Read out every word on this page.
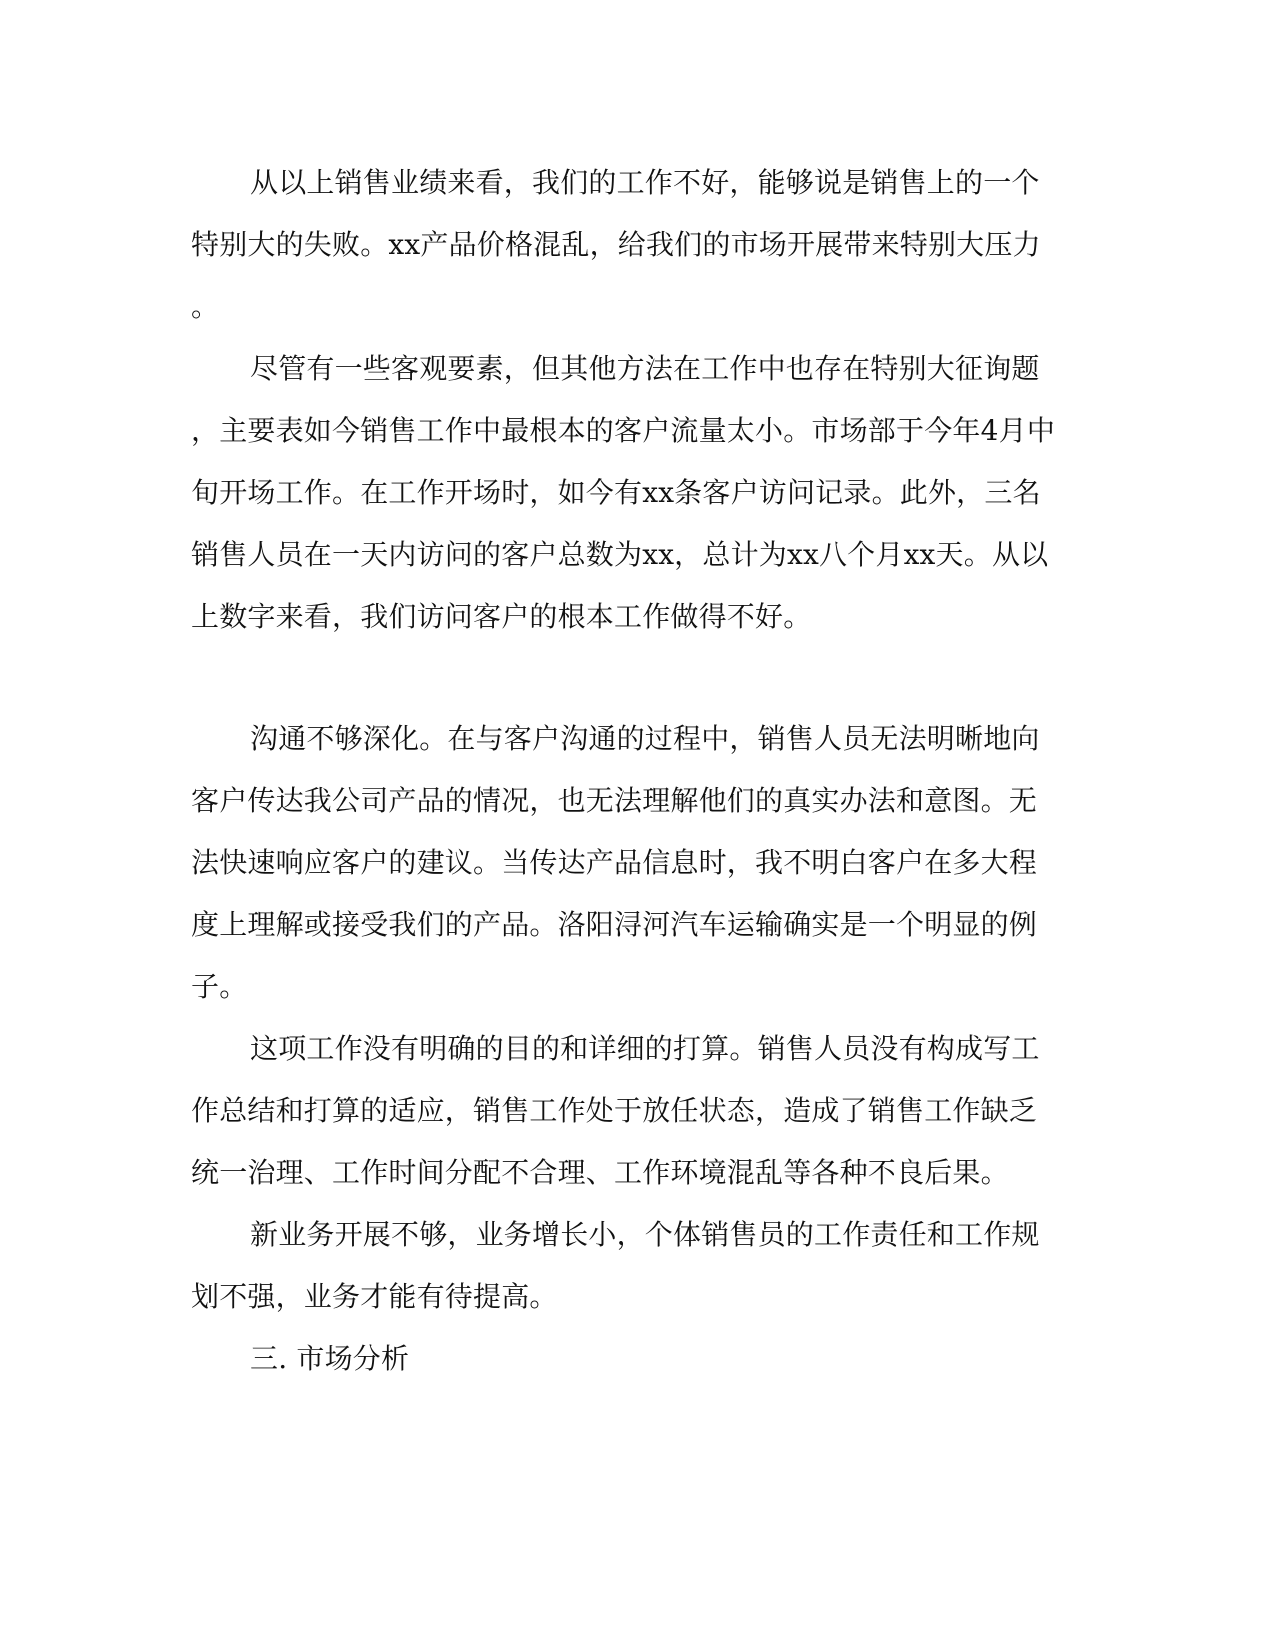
从以上销售业绩来看，我们的工作不好，能够说是销售上的一个
特别大的失败。xx产品价格混乱，给我们的市场开展带来特别大压力
。
尽管有一些客观要素，但其他方法在工作中也存在特别大征询题
，主要表如今销售工作中最根本的客户流量太小。市场部于今年4月中
旬开场工作。在工作开场时，如今有xx条客户访问记录。此外，三名
销售人员在一天内访问的客户总数为xx，总计为xx八个月xx天。从以
上数字来看，我们访问客户的根本工作做得不好。
沟通不够深化。在与客户沟通的过程中，销售人员无法明晰地向
客户传达我公司产品的情况，也无法理解他们的真实办法和意图。无
法快速响应客户的建议。当传达产品信息时，我不明白客户在多大程
度上理解或接受我们的产品。洛阳浔河汽车运输确实是一个明显的例
子。
这项工作没有明确的目的和详细的打算。销售人员没有构成写工
作总结和打算的适应，销售工作处于放任状态，造成了销售工作缺乏
统一治理、工作时间分配不合理、工作环境混乱等各种不良后果。
新业务开展不够，业务增长小，个体销售员的工作责任和工作规
划不强，业务才能有待提高。
三. 市场分析
